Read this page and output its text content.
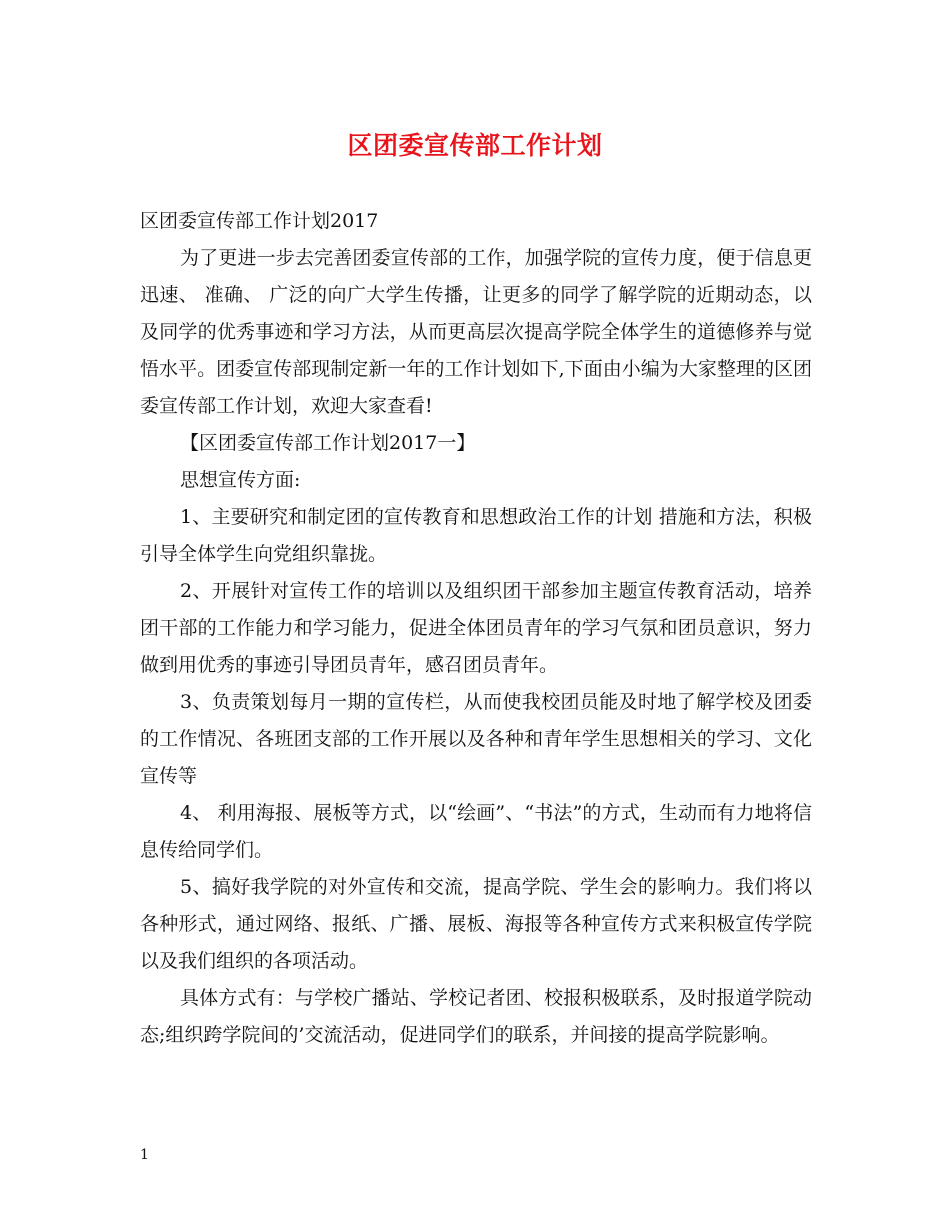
区团委宣传部工作计划

区团委宣传部工作计划2017

为了更进一步去完善团委宣传部的工作，加强学院的宣传力度，便于信息更迅速、 准确、 广泛的向广大学生传播，让更多的同学了解学院的近期动态，以及同学的优秀事迹和学习方法，从而更高层次提高学院全体学生的道德修养与觉悟水平。团委宣传部现制定新一年的工作计划如下,下面由小编为大家整理的区团委宣传部工作计划，欢迎大家查看!

【区团委宣传部工作计划2017一】

思想宣传方面:

1、主要研究和制定团的宣传教育和思想政治工作的计划 措施和方法，积极引导全体学生向党组织靠拢。

2、开展针对宣传工作的培训以及组织团干部参加主题宣传教育活动，培养团干部的工作能力和学习能力，促进全体团员青年的学习气氛和团员意识，努力做到用优秀的事迹引导团员青年，感召团员青年。

3、负责策划每月一期的宣传栏，从而使我校团员能及时地了解学校及团委的工作情况、各班团支部的工作开展以及各种和青年学生思想相关的学习、文化宣传等

4、 利用海报、展板等方式，以“绘画”、“书法”的方式，生动而有力地将信息传给同学们。

5、搞好我学院的对外宣传和交流，提高学院、学生会的影响力。我们将以各种形式，通过网络、报纸、广播、展板、海报等各种宣传方式来积极宣传学院以及我们组织的各项活动。

具体方式有：与学校广播站、学校记者团、校报积极联系，及时报道学院动态;组织跨学院间的’交流活动，促进同学们的联系，并间接的提高学院影响。

1
